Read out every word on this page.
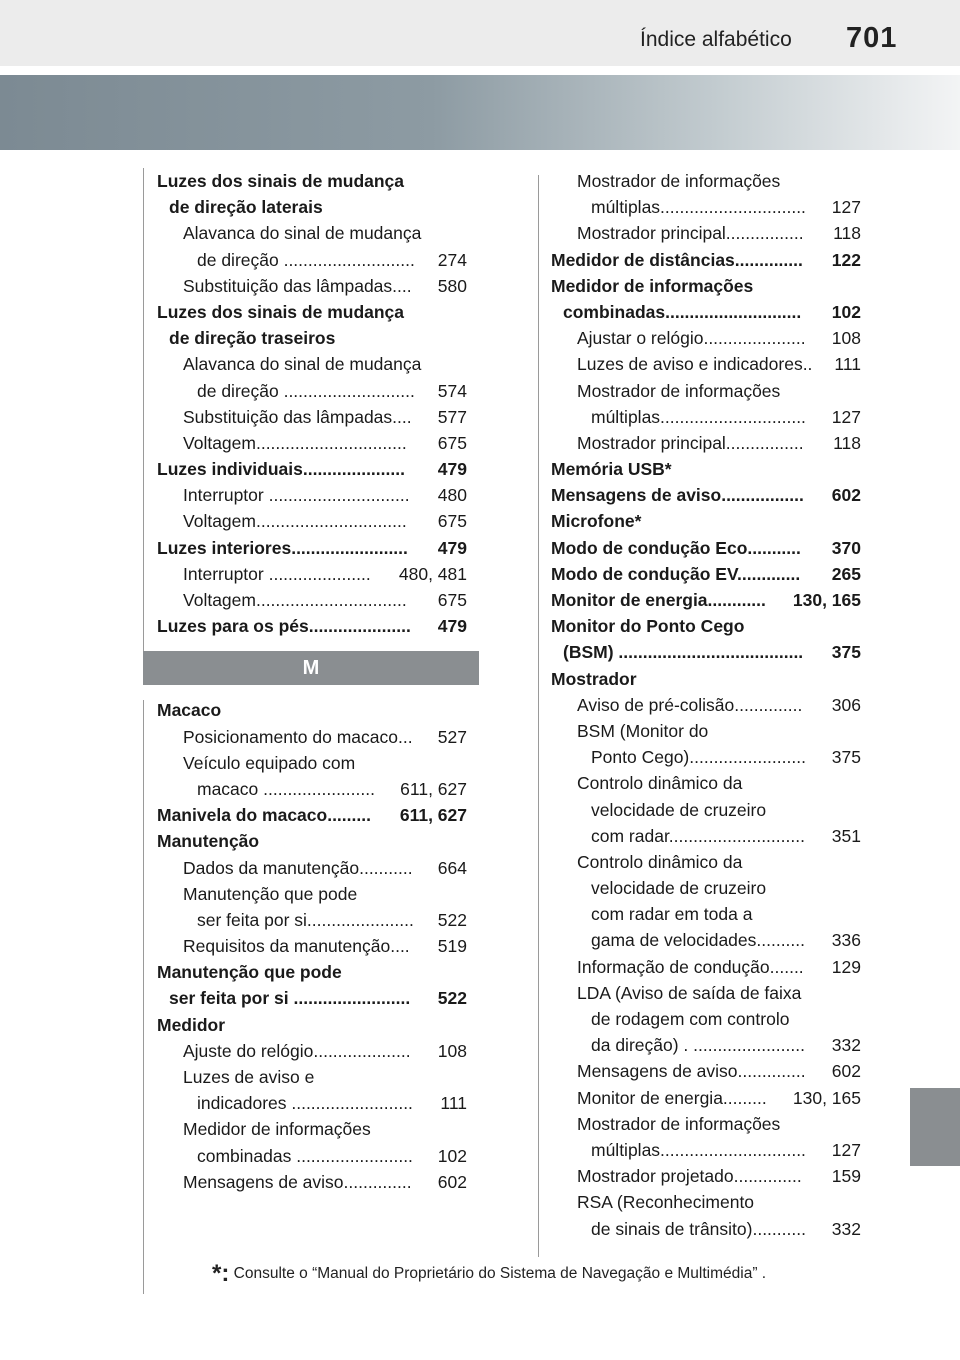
Índice alfabético 701
Luzes dos sinais de mudança
de direção laterais
Alavanca do sinal de mudança
de direção ........................... 274
Substituição das lâmpadas.... 580
Luzes dos sinais de mudança
de direção traseiros
Alavanca do sinal de mudança
de direção ........................... 574
Substituição das lâmpadas.... 577
Voltagem............................... 675
Luzes individuais..................... 479
Interruptor ............................. 480
Voltagem............................... 675
Luzes interiores........................ 479
Interruptor ..................... 480, 481
Voltagem............................... 675
Luzes para os pés..................... 479
M
Macaco
Posicionamento do macaco... 527
Veículo equipado com
macaco ....................... 611, 627
Manivela do macaco......... 611, 627
Manutenção
Dados da manutenção........... 664
Manutenção que pode
ser feita por si...................... 522
Requisitos da manutenção.... 519
Manutenção que pode
ser feita por si ........................ 522
Medidor
Ajuste do relógio.................... 108
Luzes de aviso e
indicadores ......................... 111
Medidor de informações
combinadas ........................ 102
Mensagens de aviso.............. 602
Mostrador de informações
múltiplas.............................. 127
Mostrador principal................ 118
Medidor de distâncias.............. 122
Medidor de informações
combinadas............................ 102
Ajustar o relógio..................... 108
Luzes de aviso e indicadores.. 111
Mostrador de informações
múltiplas.............................. 127
Mostrador principal................ 118
Memória USB*
Mensagens de aviso................. 602
Microfone*
Modo de condução Eco........... 370
Modo de condução EV............. 265
Monitor de energia............ 130, 165
Monitor do Ponto Cego
(BSM) ...................................... 375
Mostrador
Aviso de pré-colisão.............. 306
BSM (Monitor do
Ponto Cego)........................ 375
Controlo dinâmico da
velocidade de cruzeiro
com radar............................ 351
Controlo dinâmico da
velocidade de cruzeiro
com radar em toda a
gama de velocidades.......... 336
Informação de condução....... 129
LDA (Aviso de saída de faixa
de rodagem com controlo
da direção) . ....................... 332
Mensagens de aviso.............. 602
Monitor de energia......... 130, 165
Mostrador de informações
múltiplas.............................. 127
Mostrador projetado.............. 159
RSA (Reconhecimento
de sinais de trânsito)........... 332
*: Consulte o “Manual do Proprietário do Sistema de Navegação e Multimédia” .
